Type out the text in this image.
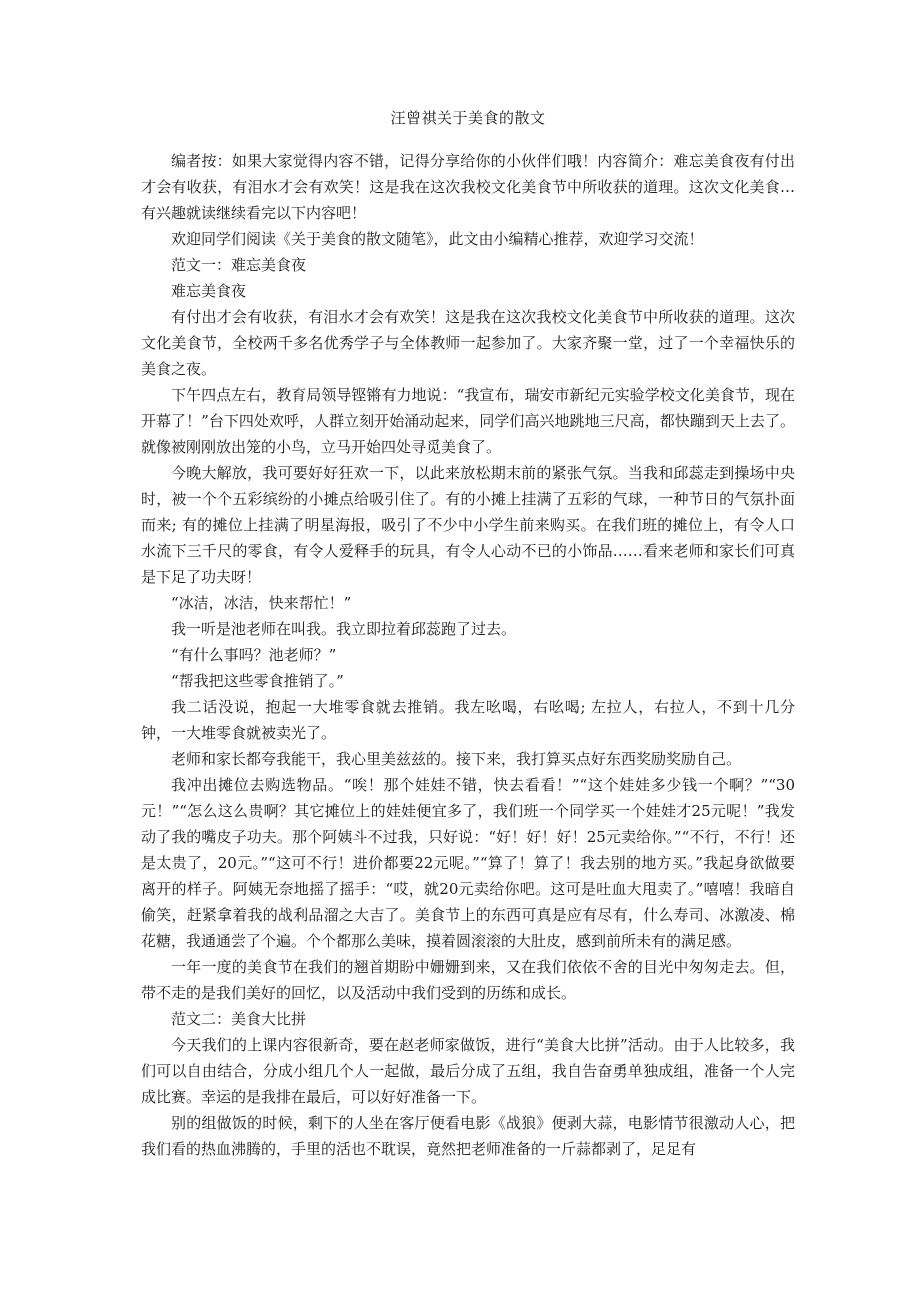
汪曾祺关于美食的散文

编者按：如果大家觉得内容不错，记得分享给你的小伙伴们哦！内容简介：难忘美食夜有付出才会有收获，有泪水才会有欢笑！这是我在这次我校文化美食节中所收获的道理。这次文化美食… 有兴趣就读继续看完以下内容吧！

欢迎同学们阅读《关于美食的散文随笔》，此文由小编精心推荐，欢迎学习交流！

范文一：难忘美食夜

难忘美食夜

有付出才会有收获，有泪水才会有欢笑！这是我在这次我校文化美食节中所收获的道理。这次文化美食节，全校两千多名优秀学子与全体教师一起参加了。大家齐聚一堂，过了一个幸福快乐的美食之夜。

下午四点左右，教育局领导铿锵有力地说：“我宣布，瑞安市新纪元实验学校文化美食节，现在开幕了！”台下四处欢呼，人群立刻开始涌动起来，同学们高兴地跳地三尺高，都快蹦到天上去了。就像被刚刚放出笼的小鸟，立马开始四处寻觅美食了。

今晚大解放，我可要好好狂欢一下，以此来放松期末前的紧张气氛。当我和邱蕊走到操场中央时，被一个个五彩缤纷的小摊点给吸引住了。有的小摊上挂满了五彩的气球，一种节日的气氛扑面而来; 有的摊位上挂满了明星海报，吸引了不少中小学生前来购买。在我们班的摊位上，有令人口水流下三千尺的零食，有令人爱释手的玩具，有令人心动不已的小饰品……看来老师和家长们可真是下足了功夫呀！

“冰洁，冰洁，快来帮忙！”

我一听是池老师在叫我。我立即拉着邱蕊跑了过去。

“有什么事吗？池老师？”

“帮我把这些零食推销了。”

我二话没说，抱起一大堆零食就去推销。我左吆喝，右吆喝; 左拉人，右拉人，不到十几分钟，一大堆零食就被卖光了。

老师和家长都夸我能干，我心里美兹兹的。接下来，我打算买点好东西奖励奖励自己。

我冲出摊位去购选物品。“唉！那个娃娃不错，快去看看！”“这个娃娃多少钱一个啊？”“30元！”“怎么这么贵啊？其它摊位上的娃娃便宜多了，我们班一个同学买一个娃娃才25元呢！”我发动了我的嘴皮子功夫。那个阿姨斗不过我，只好说：“好！好！好！25元卖给你。”“不行，不行！还是太贵了，20元。”“这可不行！进价都要22元呢。”“算了！算了！我去别的地方买。”我起身欲做要离开的样子。阿姨无奈地摇了摇手：“哎，就20元卖给你吧。这可是吐血大甩卖了。”嘻嘻！我暗自偷笑，赶紧拿着我的战利品溜之大吉了。美食节上的东西可真是应有尽有，什么寿司、冰激凌、棉花糖，我通通尝了个遍。个个都那么美味，摸着圆滚滚的大肚皮，感到前所未有的满足感。

一年一度的美食节在我们的翘首期盼中姗姗到来，又在我们依依不舍的目光中匆匆走去。但，带不走的是我们美好的回忆，以及活动中我们受到的历练和成长。

范文二：美食大比拼

今天我们的上课内容很新奇，要在赵老师家做饭，进行“美食大比拼”活动。由于人比较多，我们可以自由结合，分成小组几个人一起做，最后分成了五组，我自告奋勇单独成组，准备一个人完成比赛。幸运的是我排在最后，可以好好准备一下。

别的组做饭的时候，剩下的人坐在客厅便看电影《战狼》便剥大蒜，电影情节很激动人心，把我们看的热血沸腾的，手里的活也不耽误，竟然把老师准备的一斤蒜都剥了，足足有
